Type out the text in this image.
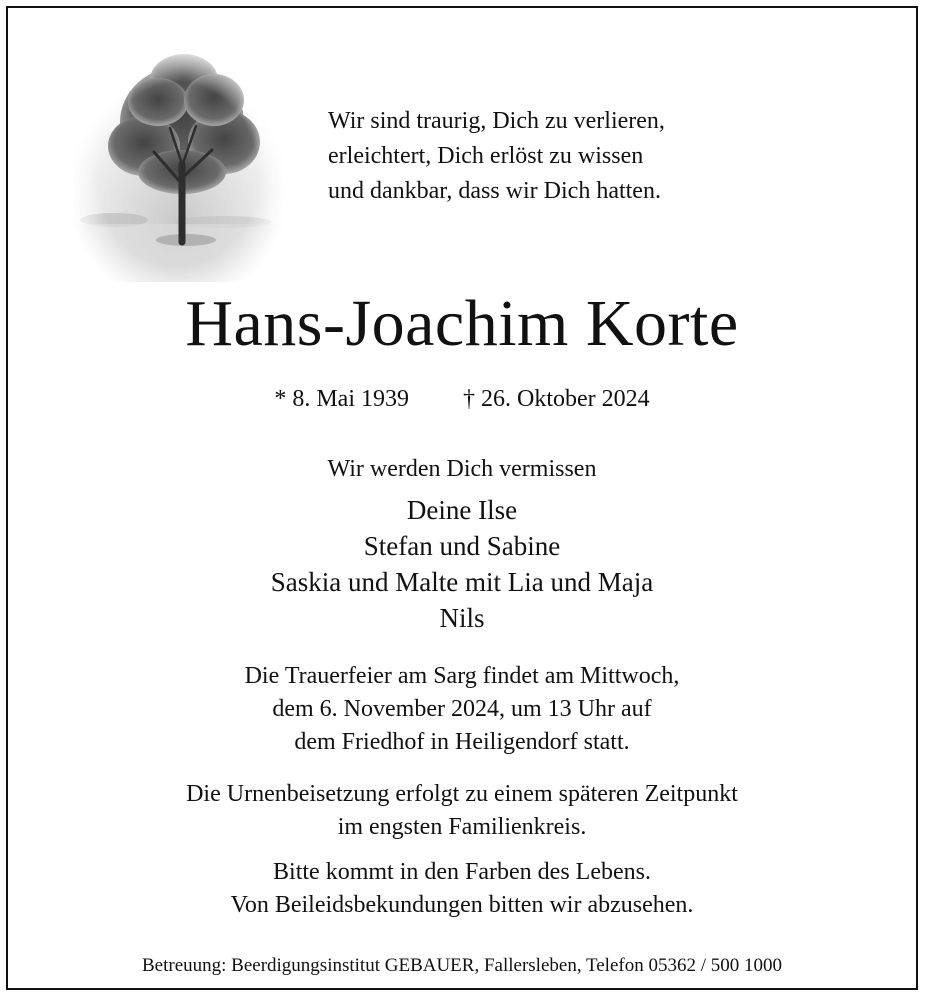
Wir sind traurig, Dich zu verlieren,
erleichtert, Dich erlöst zu wissen
und dankbar, dass wir Dich hatten.
Hans-Joachim Korte
* 8. Mai 1939 † 26. Oktober 2024
Wir werden Dich vermissen
Deine Ilse
Stefan und Sabine
Saskia und Malte mit Lia und Maja
Nils
Die Trauerfeier am Sarg findet am Mittwoch,
dem 6. November 2024, um 13 Uhr auf
dem Friedhof in Heiligendorf statt.
Die Urnenbeisetzung erfolgt zu einem späteren Zeitpunkt
im engsten Familienkreis.
Bitte kommt in den Farben des Lebens.
Von Beileidsbekundungen bitten wir abzusehen.
Betreuung: Beerdigungsinstitut GEBAUER, Fallersleben, Telefon 05362 / 500 1000
